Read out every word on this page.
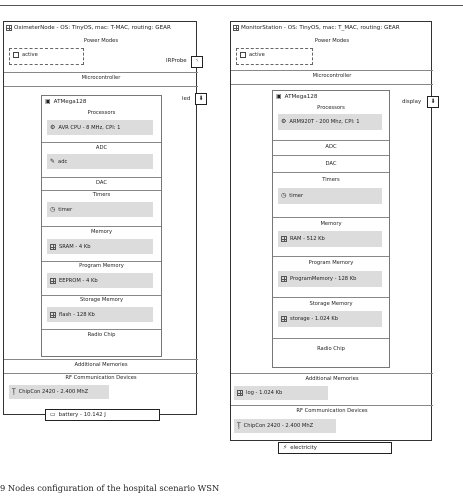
OximeterNode - OS: TinyOS, mac: T-MAC, routing: GEAR
Power Modes
active
Microcontroller
▣ ATMega128
Processors
⚙ AVR CPU - 8 MHz, CPI: 1
ADC
✎ adc
DAC
Timers
◷ timer
Memory
SRAM - 4 Kb
Program Memory
EEPROM - 4 Kb
Storage Memory
flash - 128 Kb
Radio Chip
Additional Memories
RF Communication Devices
Ţ ChipCon 2420 - 2.400 MhZ
IRProbe ◝
led ⬇
▭ battery - 10.142 J
MonitorStation - OS: TinyOS, mac: T_MAC, routing: GEAR
Power Modes
active
Microcontroller
▣ ATMega128
Processors
⚙ ARM920T - 200 Mhz, CPI: 1
ADC
DAC
Timers
◷ timer
Memory
RAM - 512 Kb
Program Memory
ProgramMemory - 128 Kb
Storage Memory
storage - 1.024 Kb
Radio Chip
Additional Memories
log - 1.024 Kb
RF Communication Devices
Ţ ChipCon 2420 - 2.400 MhZ
display ⬇
⚡ electricity
9 Nodes configuration of the hospital scenario WSN
